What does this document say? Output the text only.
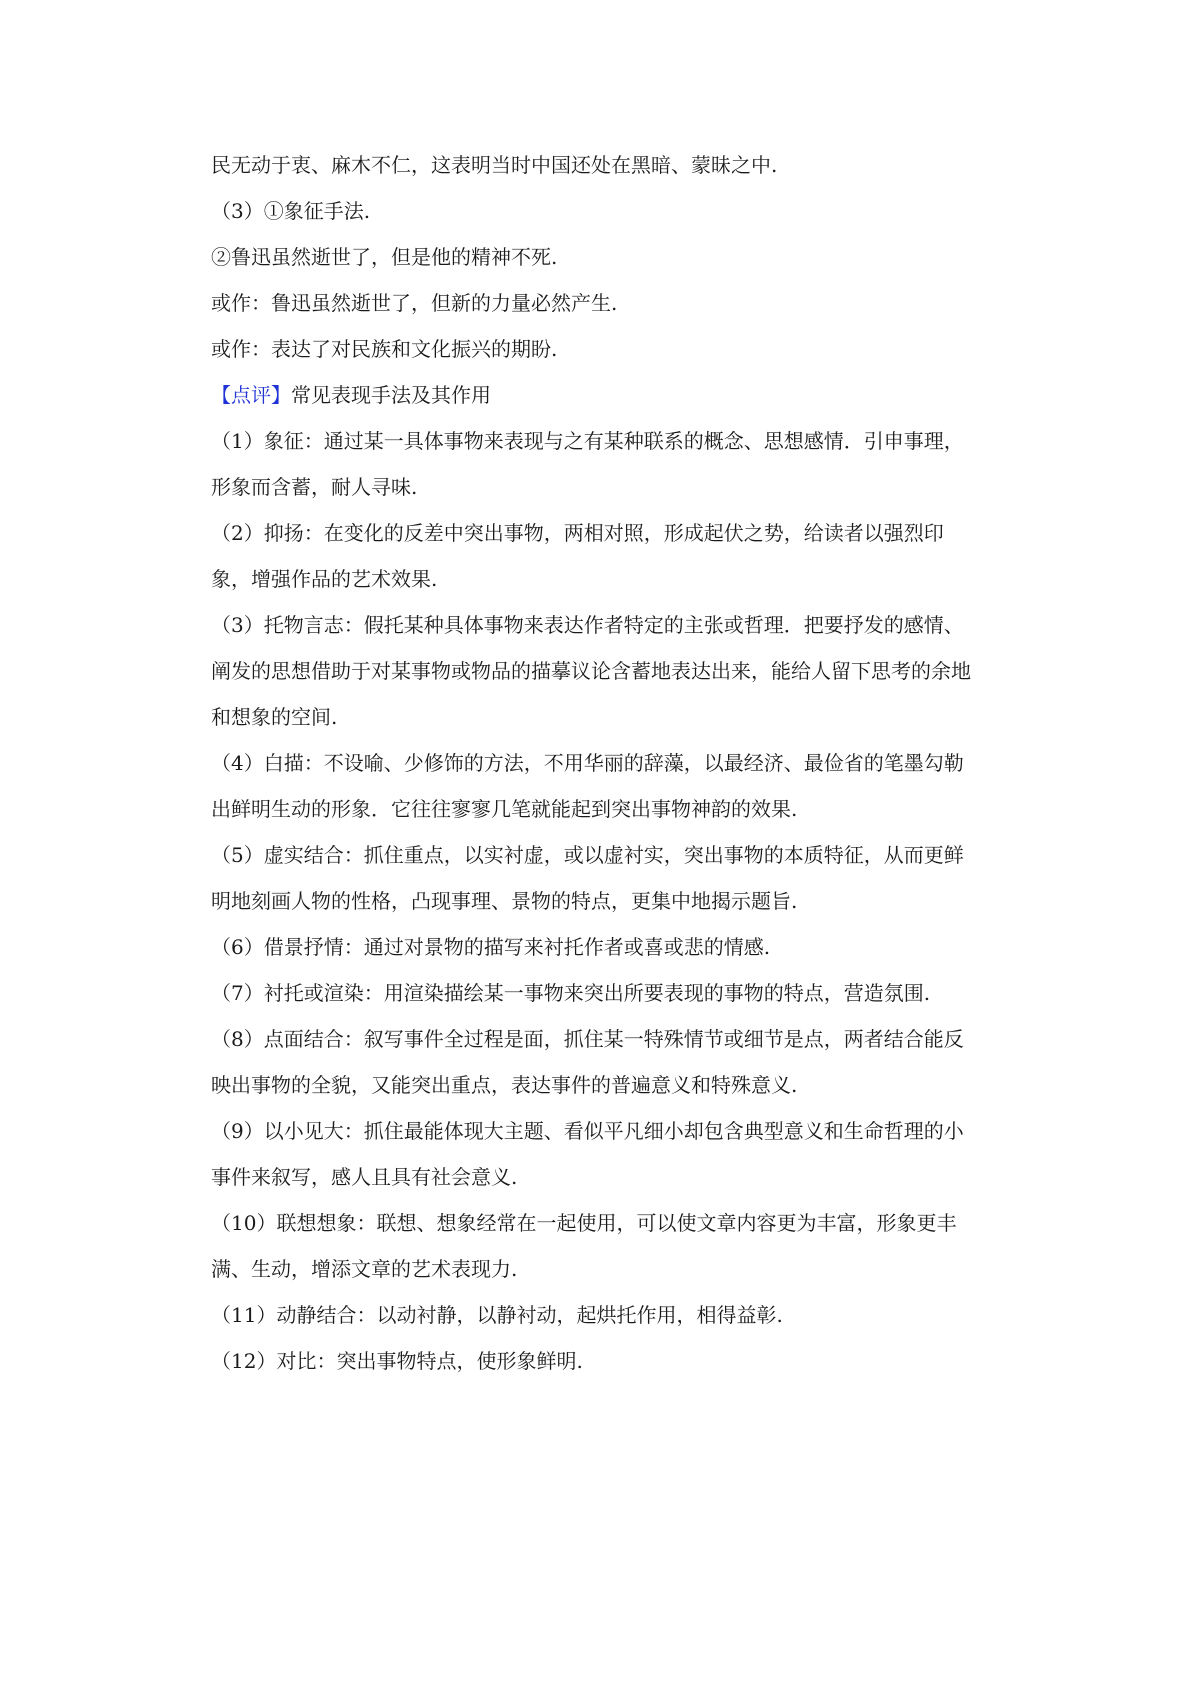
民无动于衷、麻木不仁，这表明当时中国还处在黑暗、蒙昧之中.
（3）①象征手法.
②鲁迅虽然逝世了，但是他的精神不死.
或作：鲁迅虽然逝世了，但新的力量必然产生.
或作：表达了对民族和文化振兴的期盼.
【点评】常见表现手法及其作用
（1）象征：通过某一具体事物来表现与之有某种联系的概念、思想感情．引申事理，
形象而含蓄，耐人寻味.
（2）抑扬：在变化的反差中突出事物，两相对照，形成起伏之势，给读者以强烈印
象，增强作品的艺术效果.
（3）托物言志：假托某种具体事物来表达作者特定的主张或哲理．把要抒发的感情、
阐发的思想借助于对某事物或物品的描摹议论含蓄地表达出来，能给人留下思考的余地
和想象的空间.
（4）白描：不设喻、少修饰的方法，不用华丽的辞藻，以最经济、最俭省的笔墨勾勒
出鲜明生动的形象．它往往寥寥几笔就能起到突出事物神韵的效果.
（5）虚实结合：抓住重点，以实衬虚，或以虚衬实，突出事物的本质特征，从而更鲜
明地刻画人物的性格，凸现事理、景物的特点，更集中地揭示题旨.
（6）借景抒情：通过对景物的描写来衬托作者或喜或悲的情感.
（7）衬托或渲染：用渲染描绘某一事物来突出所要表现的事物的特点，营造氛围.
（8）点面结合：叙写事件全过程是面，抓住某一特殊情节或细节是点，两者结合能反
映出事物的全貌，又能突出重点，表达事件的普遍意义和特殊意义.
（9）以小见大：抓住最能体现大主题、看似平凡细小却包含典型意义和生命哲理的小
事件来叙写，感人且具有社会意义.
（10）联想想象：联想、想象经常在一起使用，可以使文章内容更为丰富，形象更丰
满、生动，增添文章的艺术表现力.
（11）动静结合：以动衬静，以静衬动，起烘托作用，相得益彰.
（12）对比：突出事物特点，使形象鲜明.
